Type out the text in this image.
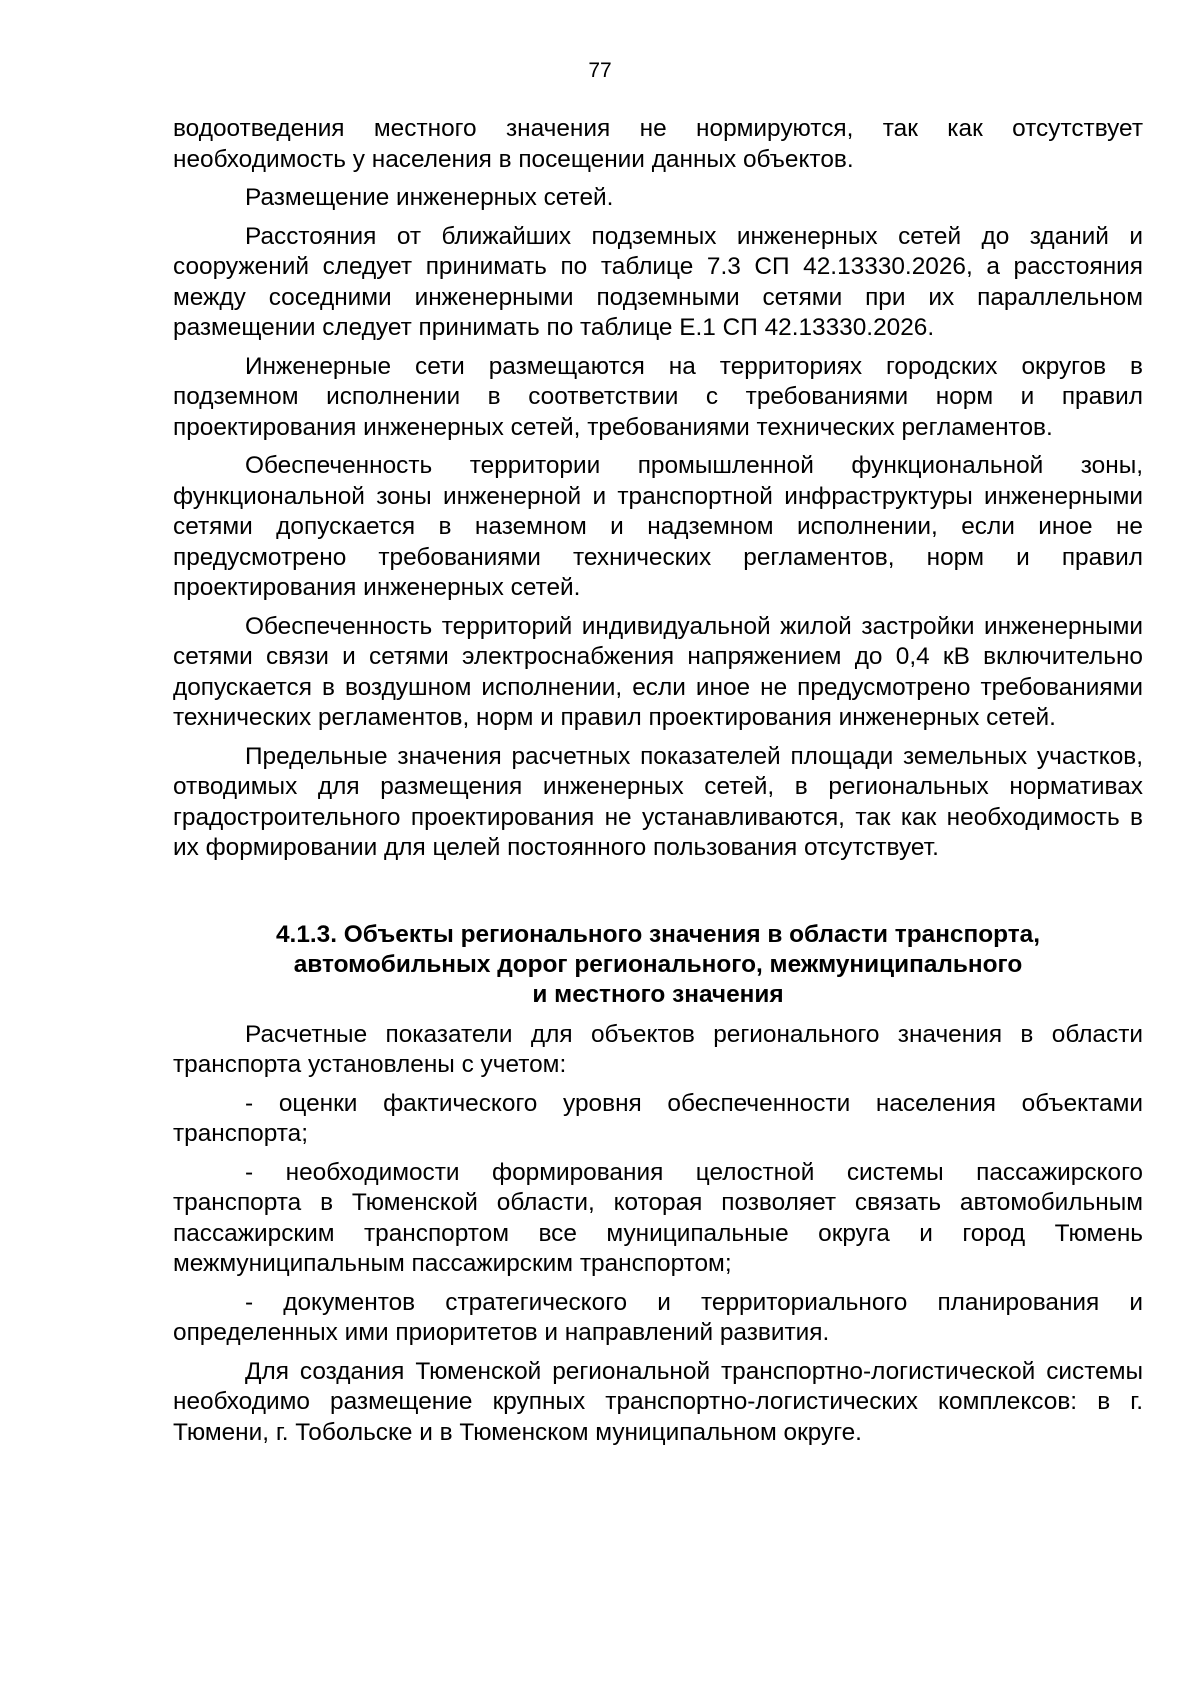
77

водоотведения местного значения не нормируются, так как отсутствует необходимость у населения в посещении данных объектов.

Размещение инженерных сетей.

Расстояния от ближайших подземных инженерных сетей до зданий и сооружений следует принимать по таблице 7.3 СП 42.13330.2026, а расстояния между соседними инженерными подземными сетями при их параллельном размещении следует принимать по таблице Е.1 СП 42.13330.2026.

Инженерные сети размещаются на территориях городских округов в подземном исполнении в соответствии с требованиями норм и правил проектирования инженерных сетей, требованиями технических регламентов.

Обеспеченность территории промышленной функциональной зоны, функциональной зоны инженерной и транспортной инфраструктуры инженерными сетями допускается в наземном и надземном исполнении, если иное не предусмотрено требованиями технических регламентов, норм и правил проектирования инженерных сетей.

Обеспеченность территорий индивидуальной жилой застройки инженерными сетями связи и сетями электроснабжения напряжением до 0,4 кВ включительно допускается в воздушном исполнении, если иное не предусмотрено требованиями технических регламентов, норм и правил проектирования инженерных сетей.

Предельные значения расчетных показателей площади земельных участков, отводимых для размещения инженерных сетей, в региональных нормативах градостроительного проектирования не устанавливаются, так как необходимость в их формировании для целей постоянного пользования отсутствует.

4.1.3. Объекты регионального значения в области транспорта,
автомобильных дорог регионального, межмуниципального
и местного значения

Расчетные показатели для объектов регионального значения в области транспорта установлены с учетом:

- оценки фактического уровня обеспеченности населения объектами транспорта;

- необходимости формирования целостной системы пассажирского транспорта в Тюменской области, которая позволяет связать автомобильным пассажирским транспортом все муниципальные округа и город Тюмень межмуниципальным пассажирским транспортом;

- документов стратегического и территориального планирования и определенных ими приоритетов и направлений развития.

Для создания Тюменской региональной транспортно-логистической системы необходимо размещение крупных транспортно-логистических комплексов: в г. Тюмени, г. Тобольске и в Тюменском муниципальном округе.
